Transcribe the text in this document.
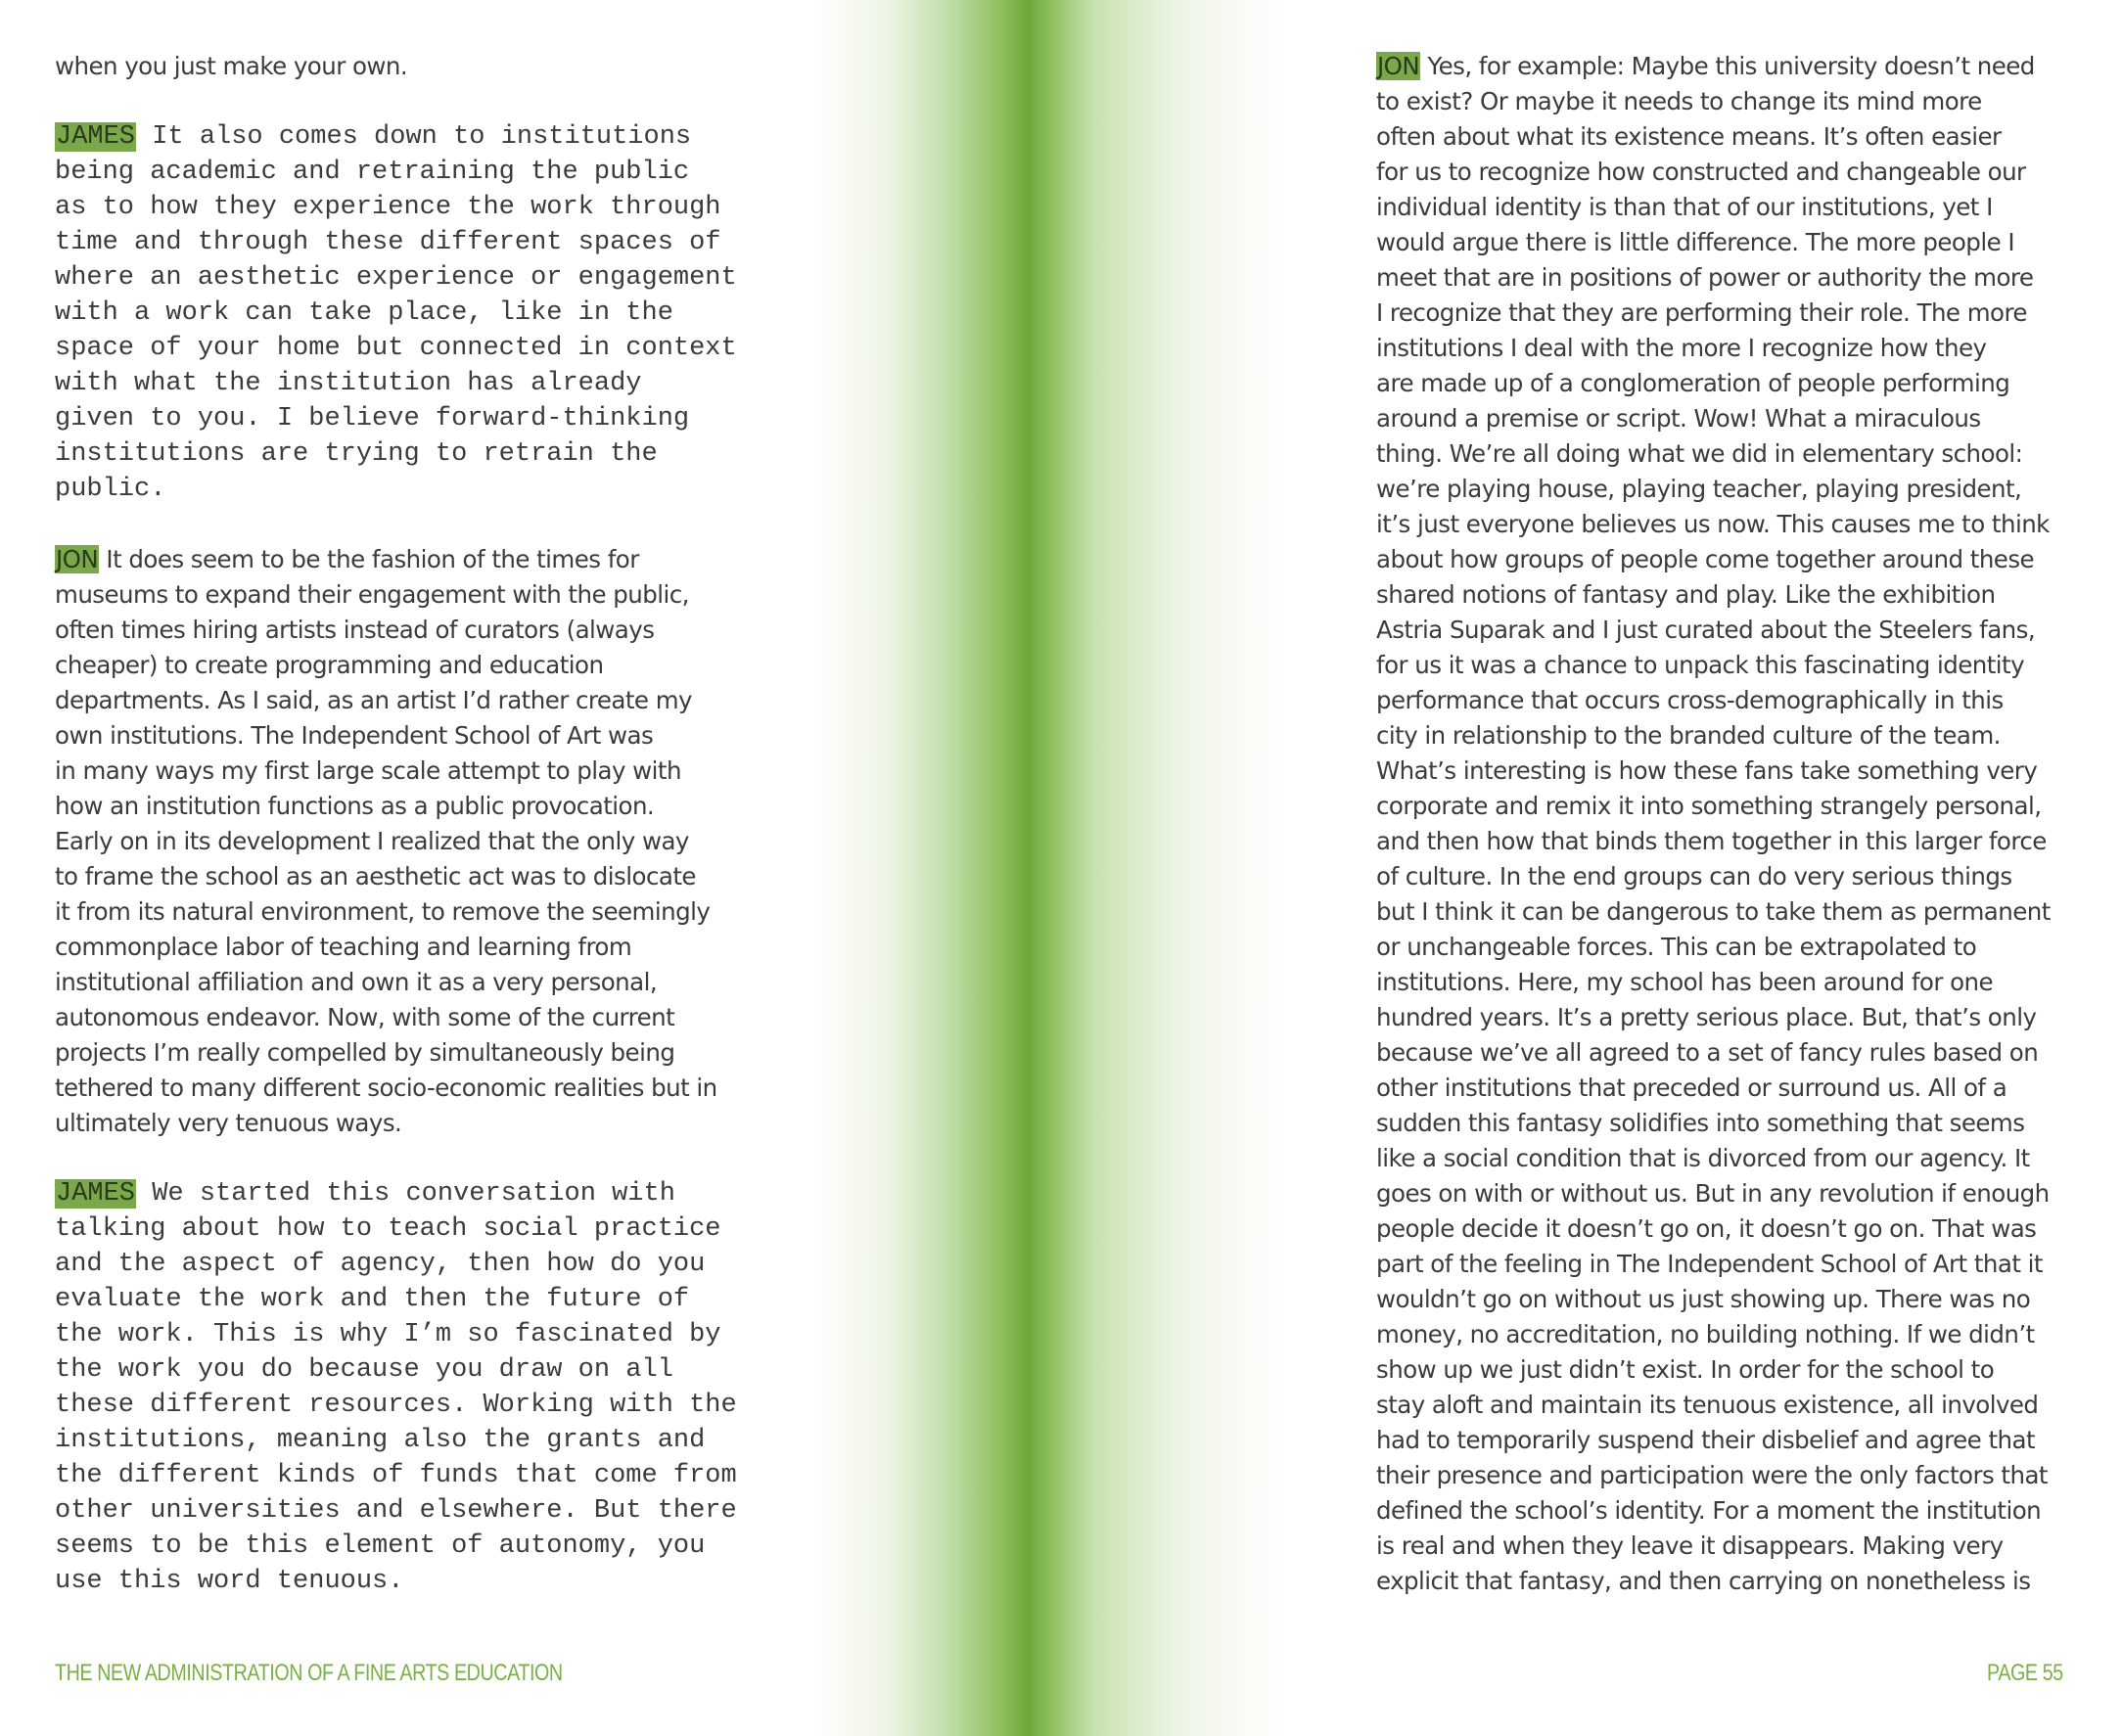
when you just make your own.
JAMES It also comes down to institutions
being academic and retraining the public
as to how they experience the work through
time and through these different spaces of
where an aesthetic experience or engagement
with a work can take place, like in the
space of your home but connected in context
with what the institution has already
given to you. I believe forward-thinking
institutions are trying to retrain the
public.
JON It does seem to be the fashion of the times for
museums to expand their engagement with the public,
often times hiring artists instead of curators (always
cheaper) to create programming and education
departments. As I said, as an artist I’d rather create my
own institutions. The Independent School of Art was
in many ways my first large scale attempt to play with
how an institution functions as a public provocation.
Early on in its development I realized that the only way
to frame the school as an aesthetic act was to dislocate
it from its natural environment, to remove the seemingly
commonplace labor of teaching and learning from
institutional affiliation and own it as a very personal,
autonomous endeavor. Now, with some of the current
projects I’m really compelled by simultaneously being
tethered to many different socio-economic realities but in
ultimately very tenuous ways.
JAMES We started this conversation with
talking about how to teach social practice
and the aspect of agency, then how do you
evaluate the work and then the future of
the work. This is why I’m so fascinated by
the work you do because you draw on all
these different resources. Working with the
institutions, meaning also the grants and
the different kinds of funds that come from
other universities and elsewhere. But there
seems to be this element of autonomy, you
use this word tenuous.
JON Yes, for example: Maybe this university doesn’t need
to exist? Or maybe it needs to change its mind more
often about what its existence means. It’s often easier
for us to recognize how constructed and changeable our
individual identity is than that of our institutions, yet I
would argue there is little difference. The more people I
meet that are in positions of power or authority the more
I recognize that they are performing their role. The more
institutions I deal with the more I recognize how they
are made up of a conglomeration of people performing
around a premise or script. Wow! What a miraculous
thing. We’re all doing what we did in elementary school:
we’re playing house, playing teacher, playing president,
it’s just everyone believes us now. This causes me to think
about how groups of people come together around these
shared notions of fantasy and play. Like the exhibition
Astria Suparak and I just curated about the Steelers fans,
for us it was a chance to unpack this fascinating identity
performance that occurs cross-demographically in this
city in relationship to the branded culture of the team.
What’s interesting is how these fans take something very
corporate and remix it into something strangely personal,
and then how that binds them together in this larger force
of culture. In the end groups can do very serious things
but I think it can be dangerous to take them as permanent
or unchangeable forces. This can be extrapolated to
institutions. Here, my school has been around for one
hundred years. It’s a pretty serious place. But, that’s only
because we’ve all agreed to a set of fancy rules based on
other institutions that preceded or surround us. All of a
sudden this fantasy solidifies into something that seems
like a social condition that is divorced from our agency. It
goes on with or without us. But in any revolution if enough
people decide it doesn’t go on, it doesn’t go on. That was
part of the feeling in The Independent School of Art that it
wouldn’t go on without us just showing up. There was no
money, no accreditation, no building nothing. If we didn’t
show up we just didn’t exist. In order for the school to
stay aloft and maintain its tenuous existence, all involved
had to temporarily suspend their disbelief and agree that
their presence and participation were the only factors that
defined the school’s identity. For a moment the institution
is real and when they leave it disappears. Making very
explicit that fantasy, and then carrying on nonetheless is
THE NEW ADMINISTRATION OF A FINE ARTS EDUCATION	PAGE 55
